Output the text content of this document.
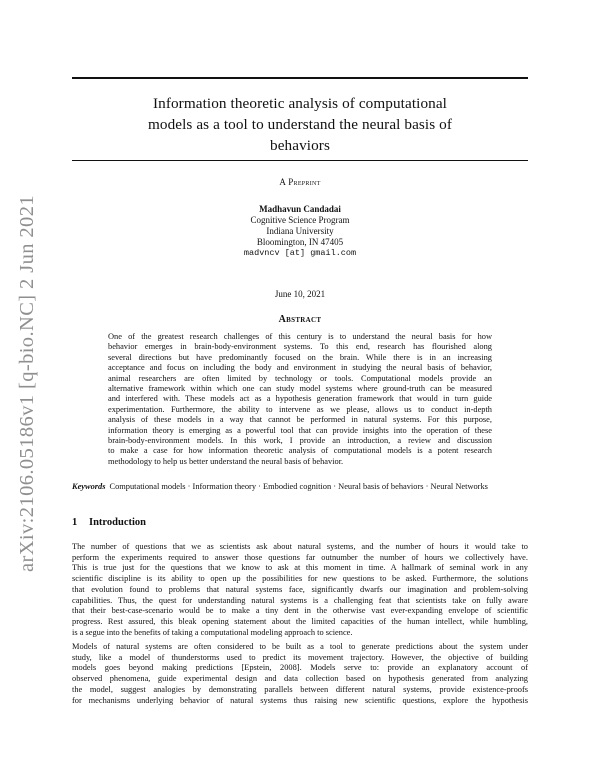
arXiv:2106.05186v1 [q-bio.NC] 2 Jun 2021
Information theoretic analysis of computational
models as a tool to understand the neural basis of
behaviors
A Preprint
Madhavun Candadai
Cognitive Science Program
Indiana University
Bloomington, IN 47405
madvncv [at] gmail.com
June 10, 2021
Abstract
One of the greatest research challenges of this century is to understand the neural basis for how
behavior emerges in brain-body-environment systems. To this end, research has flourished along
several directions but have predominantly focused on the brain. While there is in an increasing
acceptance and focus on including the body and environment in studying the neural basis of behavior,
animal researchers are often limited by technology or tools. Computational models provide an
alternative framework within which one can study model systems where ground-truth can be measured
and interfered with. These models act as a hypothesis generation framework that would in turn guide
experimentation. Furthermore, the ability to intervene as we please, allows us to conduct in-depth
analysis of these models in a way that cannot be performed in natural systems. For this purpose,
information theory is emerging as a powerful tool that can provide insights into the operation of these
brain-body-environment models. In this work, I provide an introduction, a review and discussion
to make a case for how information theoretic analysis of computational models is a potent research
methodology to help us better understand the neural basis of behavior.
Keywords Computational models · Information theory · Embodied cognition · Neural basis of behaviors · Neural Networks
1 Introduction
The number of questions that we as scientists ask about natural systems, and the number of hours it would take to
perform the experiments required to answer those questions far outnumber the number of hours we collectively have.
This is true just for the questions that we know to ask at this moment in time. A hallmark of seminal work in any
scientific discipline is its ability to open up the possibilities for new questions to be asked. Furthermore, the solutions
that evolution found to problems that natural systems face, significantly dwarfs our imagination and problem-solving
capabilities. Thus, the quest for understanding natural systems is a challenging feat that scientists take on fully aware
that their best-case-scenario would be to make a tiny dent in the otherwise vast ever-expanding envelope of scientific
progress. Rest assured, this bleak opening statement about the limited capacities of the human intellect, while humbling,
is a segue into the benefits of taking a computational modeling approach to science.
Models of natural systems are often considered to be built as a tool to generate predictions about the system under
study, like a model of thunderstorms used to predict its movement trajectory. However, the objective of building
models goes beyond making predictions [Epstein, 2008]. Models serve to: provide an explanatory account of
observed phenomena, guide experimental design and data collection based on hypothesis generated from analyzing
the model, suggest analogies by demonstrating parallels between different natural systems, provide existence-proofs
for mechanisms underlying behavior of natural systems thus raising new scientific questions, explore the hypothesis
